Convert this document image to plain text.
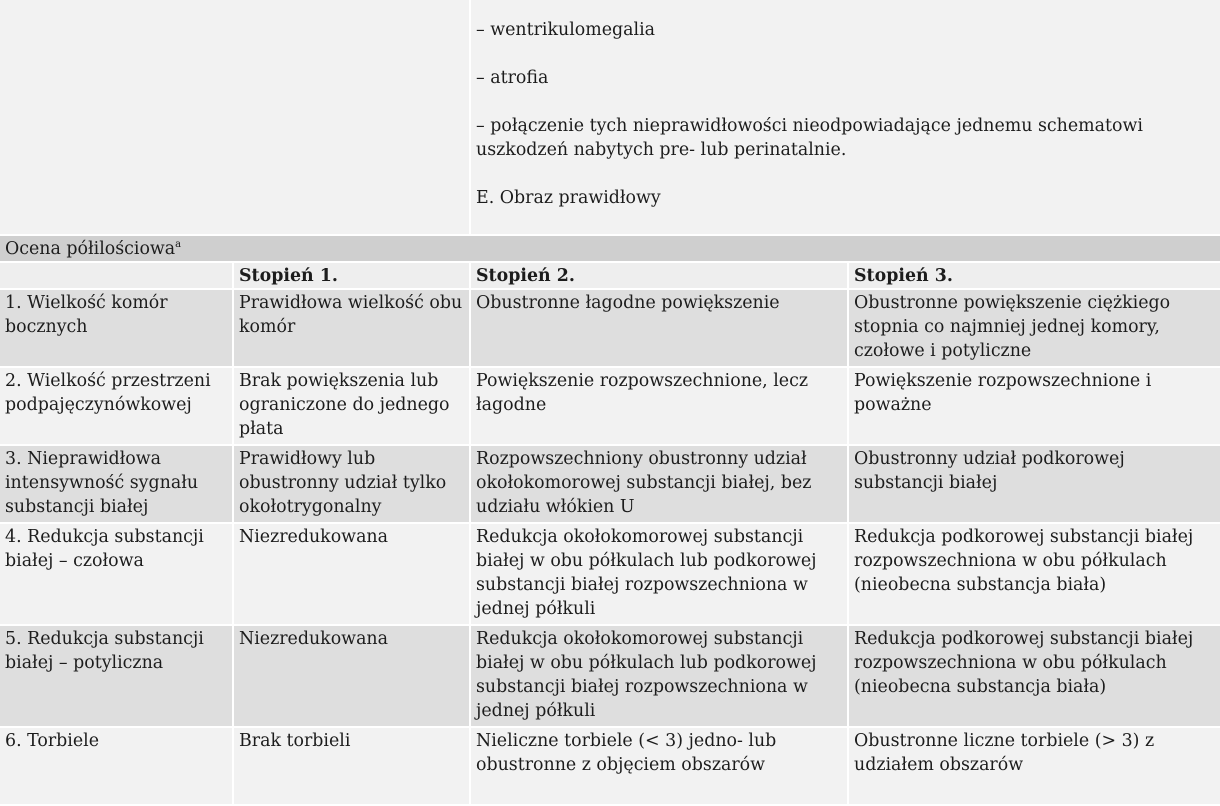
		– wentrikulomegalia

– atrofia

– połączenie tych nieprawidłowości nieodpowiadające jednemu schematowi uszkodzeń nabytych pre- lub perinatalnie.

E. Obraz prawidłowy	

Ocena półilościowa$^a$
	Stopień 1.	Stopień 2.	Stopień 3.
1. Wielkość komór bocznych	Prawidłowa wielkość obu komór	Obustronne łagodne powiększenie	Obustronne powiększenie ciężkiego stopnia co najmniej jednej komory, czołowe i potyliczne
2. Wielkość przestrzeni podpajęczynówkowej	Brak powiększenia lub ograniczone do jednego płata	Powiększenie rozpowszechnione, lecz łagodne	Powiększenie rozpowszechnione i poważne
3. Nieprawidłowa intensywność sygnału substancji białej	Prawidłowy lub obustronny udział tylko okołotrygonalny	Rozpowszechniony obustronny udział okołokomorowej substancji białej, bez udziału włókien U	Obustronny udział podkorowej substancji białej
4. Redukcja substancji białej – czołowa	Niezredukowana	Redukcja okołokomorowej substancji białej w obu półkulach lub podkorowej substancji białej rozpowszechniona w jednej półkuli	Redukcja podkorowej substancji białej rozpowszechniona w obu półkulach (nieobecna substancja biała)
5. Redukcja substancji białej – potyliczna	Niezredukowana	Redukcja okołokomorowej substancji białej w obu półkulach lub podkorowej substancji białej rozpowszechniona w jednej półkuli	Redukcja podkorowej substancji białej rozpowszechniona w obu półkulach (nieobecna substancja biała)
6. Torbiele	Brak torbieli	Nieliczne torbiele (< 3) jedno- lub obustronne z objęciem obszarów	Obustronne liczne torbiele (> 3) z udziałem obszarów
